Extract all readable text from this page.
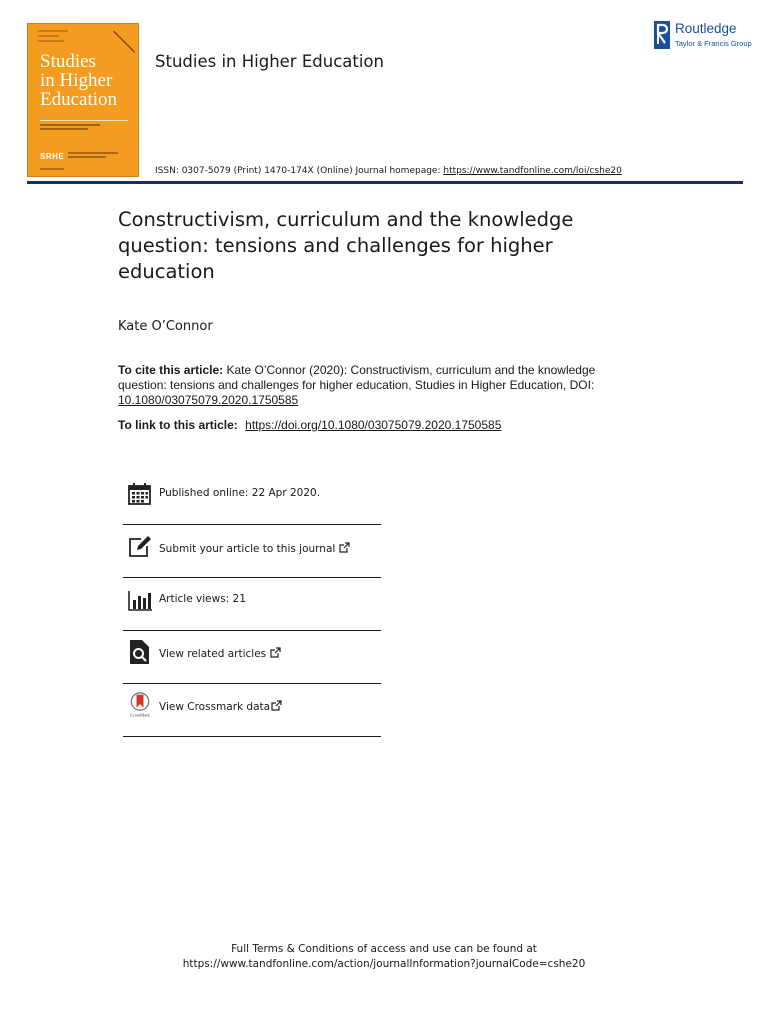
▬▬▬▬▬▬
Studies
in Higher
Education
SRHE
Studies in Higher Education
Routledge
Taylor & Francis Group
ISSN: 0307-5079 (Print) 1470-174X (Online) Journal homepage: https://www.tandfonline.com/loi/cshe20
Constructivism, curriculum and the knowledge question: tensions and challenges for higher education
Kate O’Connor
To cite this article: Kate O’Connor (2020): Constructivism, curriculum and the knowledge question: tensions and challenges for higher education, Studies in Higher Education, DOI: 10.1080/03075079.2020.1750585
To link to this article: https://doi.org/10.1080/03075079.2020.1750585
Published online: 22 Apr 2020.
Submit your article to this journal
Article views: 21
View related articles
CrossMark
View Crossmark data
Full Terms & Conditions of access and use can be found at
https://www.tandfonline.com/action/journalInformation?journalCode=cshe20
